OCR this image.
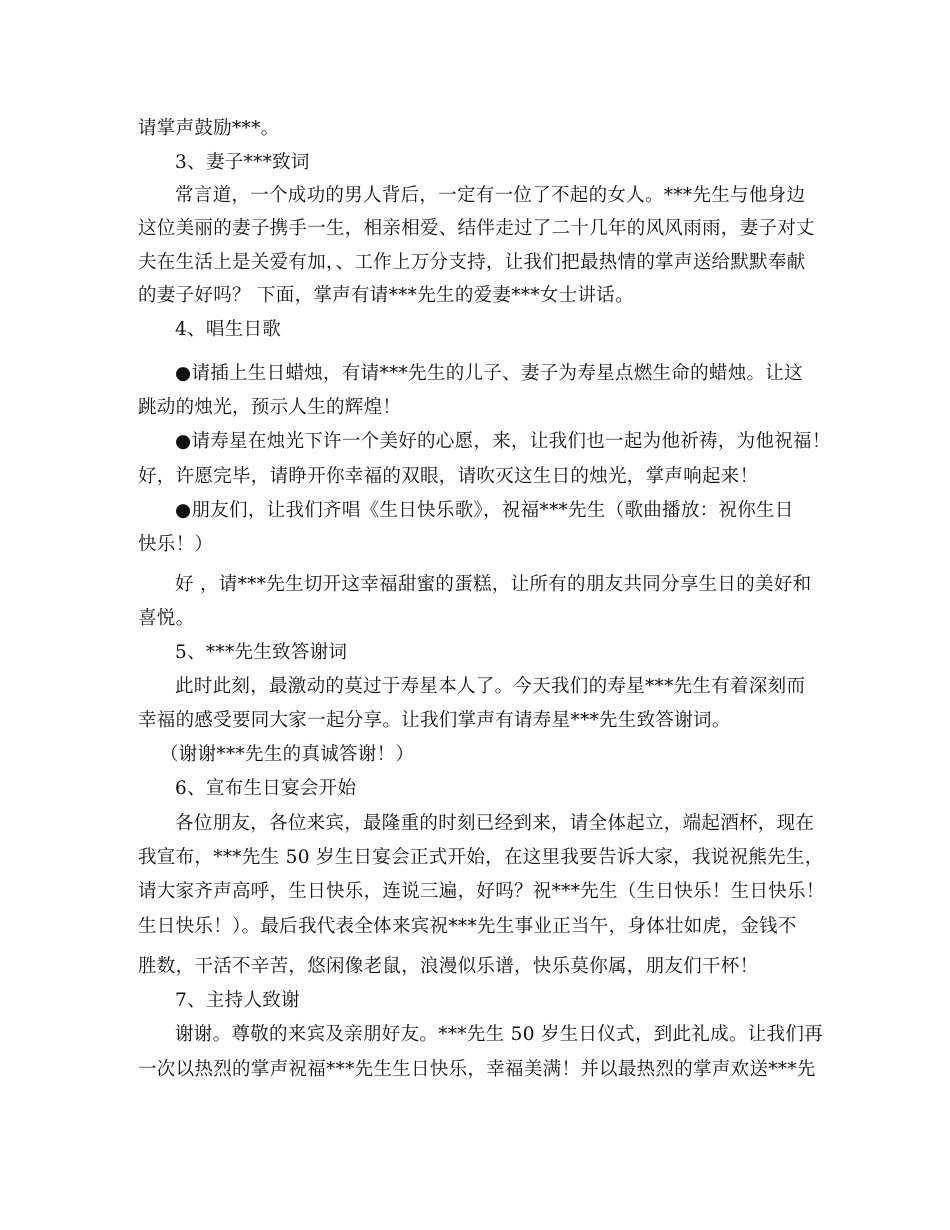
请掌声鼓励***。
3、妻子***致词
常言道，一个成功的男人背后，一定有一位了不起的女人。***先生与他身边
这位美丽的妻子携手一生，相亲相爱、结伴走过了二十几年的风风雨雨，妻子对丈
夫在生活上是关爱有加，、工作上万分支持，让我们把最热情的掌声送给默默奉献
的妻子好吗？ 下面，掌声有请***先生的爱妻***女士讲话。
4、唱生日歌
●请插上生日蜡烛，有请***先生的儿子、妻子为寿星点燃生命的蜡烛。让这
跳动的烛光，预示人生的辉煌！
●请寿星在烛光下许一个美好的心愿，来，让我们也一起为他祈祷，为他祝福！
好，许愿完毕，请睁开你幸福的双眼，请吹灭这生日的烛光，掌声响起来！
●朋友们，让我们齐唱《生日快乐歌》，祝福***先生（歌曲播放：祝你生日
快乐！）
好 ，请***先生切开这幸福甜蜜的蛋糕，让所有的朋友共同分享生日的美好和
喜悦。
5、***先生致答谢词
此时此刻，最激动的莫过于寿星本人了。今天我们的寿星***先生有着深刻而
幸福的感受要同大家一起分享。让我们掌声有请寿星***先生致答谢词。
（谢谢***先生的真诚答谢！）
6、宣布生日宴会开始
各位朋友，各位来宾，最隆重的时刻已经到来，请全体起立，端起酒杯，现在
我宣布，***先生 50 岁生日宴会正式开始，在这里我要告诉大家，我说祝熊先生，
请大家齐声高呼，生日快乐，连说三遍，好吗？祝***先生（生日快乐！生日快乐！
生日快乐！）。最后我代表全体来宾祝***先生事业正当午，身体壮如虎，金钱不
胜数，干活不辛苦，悠闲像老鼠，浪漫似乐谱，快乐莫你属，朋友们干杯！
7、主持人致谢
谢谢。尊敬的来宾及亲朋好友。***先生 50 岁生日仪式，到此礼成。让我们再
一次以热烈的掌声祝福***先生生日快乐，幸福美满！并以最热烈的掌声欢送***先
